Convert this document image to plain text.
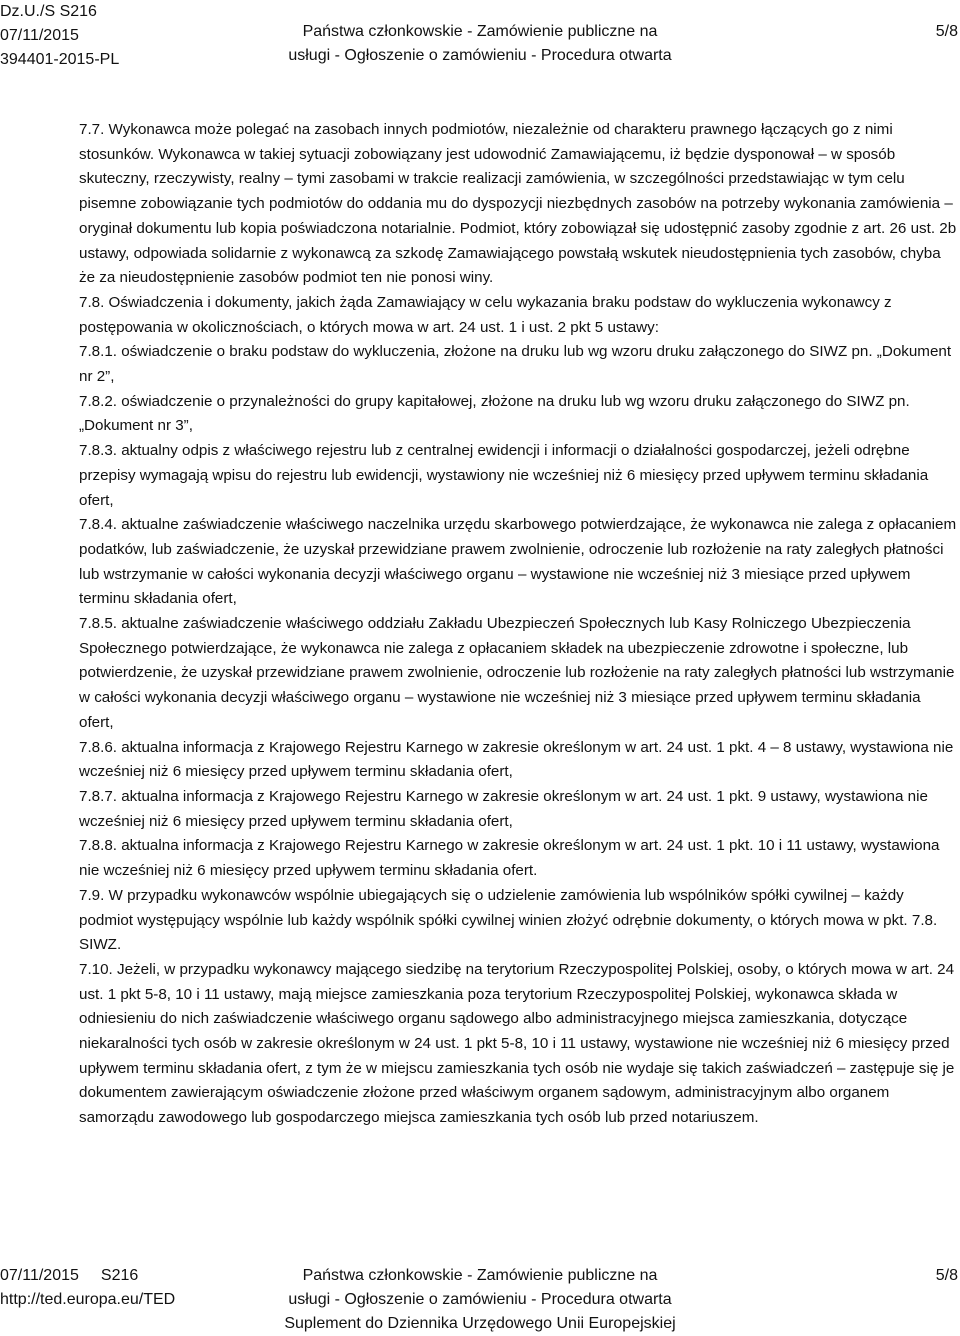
Dz.U./S S216
07/11/2015
394401-2015-PL
Państwa członkowskie - Zamówienie publiczne na
usługi - Ogłoszenie o zamówieniu - Procedura otwarta
5/8

7.7. Wykonawca może polegać na zasobach innych podmiotów, niezależnie od charakteru prawnego łączących go z nimi stosunków. Wykonawca w takiej sytuacji zobowiązany jest udowodnić Zamawiającemu, iż będzie dysponował – w sposób skuteczny, rzeczywisty, realny – tymi zasobami w trakcie realizacji zamówienia, w szczególności przedstawiając w tym celu pisemne zobowiązanie tych podmiotów do oddania mu do dyspozycji niezbędnych zasobów na potrzeby wykonania zamówienia – oryginał dokumentu lub kopia poświadczona notarialnie. Podmiot, który zobowiązał się udostępnić zasoby zgodnie z art. 26 ust. 2b ustawy, odpowiada solidarnie z wykonawcą za szkodę Zamawiającego powstałą wskutek nieudostępnienia tych zasobów, chyba że za nieudostępnienie zasobów podmiot ten nie ponosi winy.

7.8. Oświadczenia i dokumenty, jakich żąda Zamawiający w celu wykazania braku podstaw do wykluczenia wykonawcy z postępowania w okolicznościach, o których mowa w art. 24 ust. 1 i ust. 2 pkt 5 ustawy:

7.8.1. oświadczenie o braku podstaw do wykluczenia, złożone na druku lub wg wzoru druku załączonego do SIWZ pn. „Dokument nr 2”,

7.8.2. oświadczenie o przynależności do grupy kapitałowej, złożone na druku lub wg wzoru druku załączonego do SIWZ pn. „Dokument nr 3”,

7.8.3. aktualny odpis z właściwego rejestru lub z centralnej ewidencji i informacji o działalności gospodarczej, jeżeli odrębne przepisy wymagają wpisu do rejestru lub ewidencji, wystawiony nie wcześniej niż 6 miesięcy przed upływem terminu składania ofert,

7.8.4. aktualne zaświadczenie właściwego naczelnika urzędu skarbowego potwierdzające, że wykonawca nie zalega z opłacaniem podatków, lub zaświadczenie, że uzyskał przewidziane prawem zwolnienie, odroczenie lub rozłożenie na raty zaległych płatności lub wstrzymanie w całości wykonania decyzji właściwego organu – wystawione nie wcześniej niż 3 miesiące przed upływem terminu składania ofert,

7.8.5. aktualne zaświadczenie właściwego oddziału Zakładu Ubezpieczeń Społecznych lub Kasy Rolniczego Ubezpieczenia Społecznego potwierdzające, że wykonawca nie zalega z opłacaniem składek na ubezpieczenie zdrowotne i społeczne, lub potwierdzenie, że uzyskał przewidziane prawem zwolnienie, odroczenie lub rozłożenie na raty zaległych płatności lub wstrzymanie w całości wykonania decyzji właściwego organu – wystawione nie wcześniej niż 3 miesiące przed upływem terminu składania ofert,

7.8.6. aktualna informacja z Krajowego Rejestru Karnego w zakresie określonym w art. 24 ust. 1 pkt. 4 – 8 ustawy, wystawiona nie wcześniej niż 6 miesięcy przed upływem terminu składania ofert,

7.8.7. aktualna informacja z Krajowego Rejestru Karnego w zakresie określonym w art. 24 ust. 1 pkt. 9 ustawy, wystawiona nie wcześniej niż 6 miesięcy przed upływem terminu składania ofert,

7.8.8. aktualna informacja z Krajowego Rejestru Karnego w zakresie określonym w art. 24 ust. 1 pkt. 10 i 11 ustawy, wystawiona nie wcześniej niż 6 miesięcy przed upływem terminu składania ofert.

7.9. W przypadku wykonawców wspólnie ubiegających się o udzielenie zamówienia lub wspólników spółki cywilnej – każdy podmiot występujący wspólnie lub każdy wspólnik spółki cywilnej winien złożyć odrębnie dokumenty, o których mowa w pkt. 7.8. SIWZ.

7.10. Jeżeli, w przypadku wykonawcy mającego siedzibę na terytorium Rzeczypospolitej Polskiej, osoby, o których mowa w art. 24 ust. 1 pkt 5-8, 10 i 11 ustawy, mają miejsce zamieszkania poza terytorium Rzeczypospolitej Polskiej, wykonawca składa w odniesieniu do nich zaświadczenie właściwego organu sądowego albo administracyjnego miejsca zamieszkania, dotyczące niekaralności tych osób w zakresie określonym w 24 ust. 1 pkt 5-8, 10 i 11 ustawy, wystawione nie wcześniej niż 6 miesięcy przed upływem terminu składania ofert, z tym że w miejscu zamieszkania tych osób nie wydaje się takich zaświadczeń – zastępuje się je dokumentem zawierającym oświadczenie złożone przed właściwym organem sądowym, administracyjnym albo organem samorządu zawodowego lub gospodarczego miejsca zamieszkania tych osób lub przed notariuszem.

07/11/2015 S216
http://ted.europa.eu/TED
Państwa członkowskie - Zamówienie publiczne na
usługi - Ogłoszenie o zamówieniu - Procedura otwarta
Suplement do Dziennika Urzędowego Unii Europejskiej
5/8
